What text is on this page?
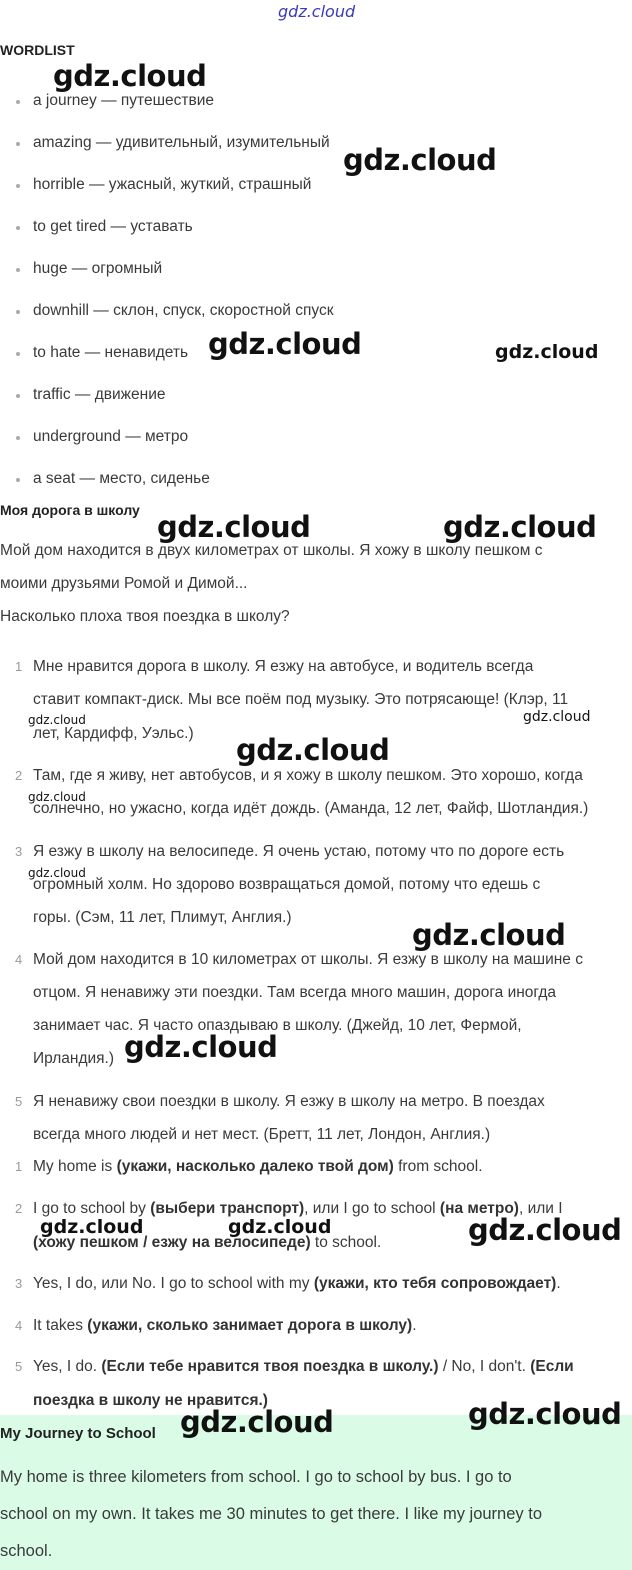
gdz.cloud
WORDLIST
a journey — путешествие
amazing — удивительный, изумительный
horrible — ужасный, жуткий, страшный
to get tired — уставать
huge — огромный
downhill — склон, спуск, скоростной спуск
to hate — ненавидеть
traffic — движение
underground — метро
a seat — место, сиденье
Моя дорога в школу
Мой дом находится в двух километрах от школы. Я хожу в школу пешком с
моими друзьями Ромой и Димой...
Насколько плоха твоя поездка в школу?
1 Мне нравится дорога в школу. Я езжу на автобусе, и водитель всегда
ставит компакт-диск. Мы все поём под музыку. Это потрясающе! (Клэр, 11
лет, Кардифф, Уэльс.)
2 Там, где я живу, нет автобусов, и я хожу в школу пешком. Это хорошо, когда
солнечно, но ужасно, когда идёт дождь. (Аманда, 12 лет, Файф, Шотландия.)
3 Я езжу в школу на велосипеде. Я очень устаю, потому что по дороге есть
огромный холм. Но здорово возвращаться домой, потому что едешь с
горы. (Сэм, 11 лет, Плимут, Англия.)
4 Мой дом находится в 10 километрах от школы. Я езжу в школу на машине с
отцом. Я ненавижу эти поездки. Там всегда много машин, дорога иногда
занимает час. Я часто опаздываю в школу. (Джейд, 10 лет, Фермой,
Ирландия.)
5 Я ненавижу свои поездки в школу. Я езжу в школу на метро. В поездах
всегда много людей и нет мест. (Бретт, 11 лет, Лондон, Англия.)
1 My home is (укажи, насколько далеко твой дом) from school.
2 I go to school by (выбери транспорт), или I go to school (на метро), или I
(хожу пешком / езжу на велосипеде) to school.
3 Yes, I do, или No. I go to school with my (укажи, кто тебя сопровождает).
4 It takes (укажи, сколько занимает дорога в школу).
5 Yes, I do. (Если тебе нравится твоя поездка в школу.) / No, I don't. (Если
поездка в школу не нравится.)
My Journey to School
My home is three kilometers from school. I go to school by bus. I go to
school on my own. It takes me 30 minutes to get there. I like my journey to
school.
gdz.cloud
gdz.cloud
gdz.cloud	gdz.cloud
gdz.cloud	gdz.cloud
gdz.cloud	gdz.cloud
gdz.cloud
gdz.cloud
gdz.cloud
gdz.cloud
gdz.cloud
gdz.cloud	gdz.cloud	gdz.cloud
gdz.cloud	gdz.cloud
